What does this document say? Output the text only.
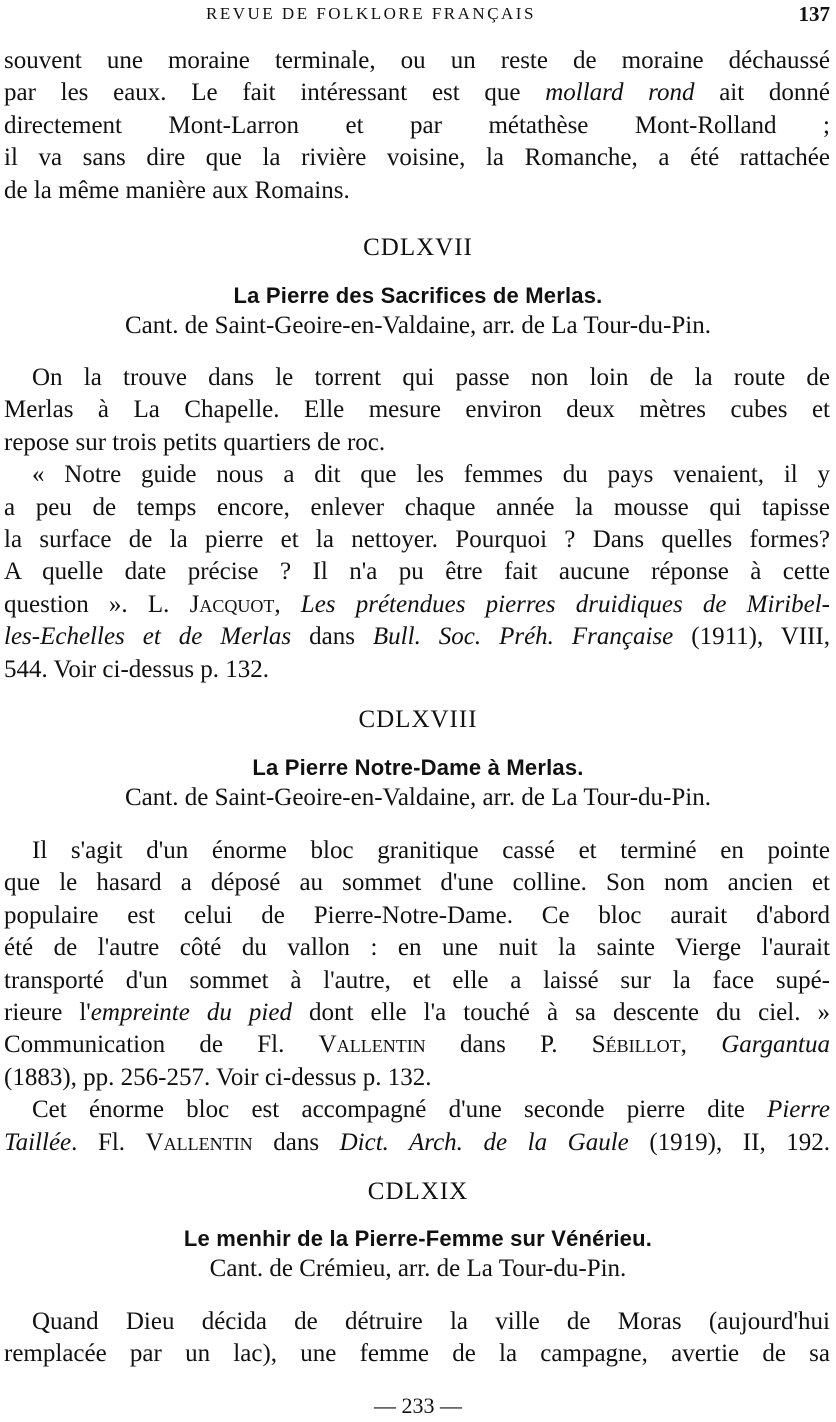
REVUE DE FOLKLORE FRANÇAIS	137

souvent une moraine terminale, ou un reste de moraine déchaussé

par les eaux. Le fait intéressant est que mollard rond ait donné

directement Mont-Larron et par métathèse Mont-Rolland ;

il va sans dire que la rivière voisine, la Romanche, a été rattachée

de la même manière aux Romains.

CDLXVII
La Pierre des Sacrifices de Merlas.
Cant. de Saint-Geoire-en-Valdaine, arr. de La Tour-du-Pin.

On la trouve dans le torrent qui passe non loin de la route de

Merlas à La Chapelle. Elle mesure environ deux mètres cubes et

repose sur trois petits quartiers de roc.

« Notre guide nous a dit que les femmes du pays venaient, il y

a peu de temps encore, enlever chaque année la mousse qui tapisse

la surface de la pierre et la nettoyer. Pourquoi ? Dans quelles formes?

A quelle date précise ? Il n'a pu être fait aucune réponse à cette

question ». L. Jacquot, Les prétendues pierres druidiques de Miribel-

les-Echelles et de Merlas dans Bull. Soc. Préh. Française (1911), VIII,

544. Voir ci-dessus p. 132.

CDLXVIII
La Pierre Notre-Dame à Merlas.
Cant. de Saint-Geoire-en-Valdaine, arr. de La Tour-du-Pin.

Il s'agit d'un énorme bloc granitique cassé et terminé en pointe

que le hasard a déposé au sommet d'une colline. Son nom ancien et

populaire est celui de Pierre-Notre-Dame. Ce bloc aurait d'abord

été de l'autre côté du vallon : en une nuit la sainte Vierge l'aurait

transporté d'un sommet à l'autre, et elle a laissé sur la face supé-

rieure l'empreinte du pied dont elle l'a touché à sa descente du ciel. »

Communication de Fl. Vallentin dans P. Sébillot, Gargantua

(1883), pp. 256-257. Voir ci-dessus p. 132.

Cet énorme bloc est accompagné d'une seconde pierre dite Pierre

Taillée. Fl. Vallentin dans Dict. Arch. de la Gaule (1919), II, 192.

CDLXIX
Le menhir de la Pierre-Femme sur Vénérieu.
Cant. de Crémieu, arr. de La Tour-du-Pin.

Quand Dieu décida de détruire la ville de Moras (aujourd'hui

remplacée par un lac), une femme de la campagne, avertie de sa

— 233 —
